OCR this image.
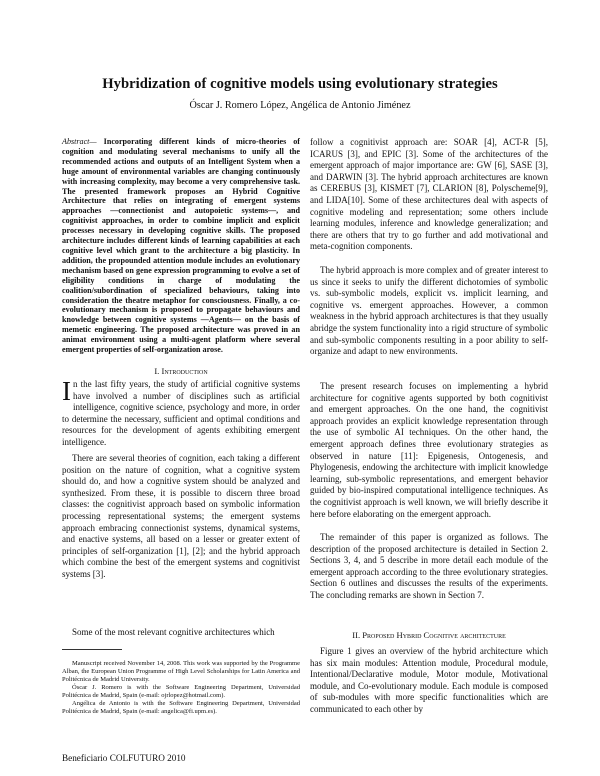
Hybridization of cognitive models using evolutionary strategies
Óscar J. Romero López, Angélica de Antonio Jiménez
Abstract— Incorporating different kinds of micro-theories of cognition and modulating several mechanisms to unify all the recommended actions and outputs of an Intelligent System when a huge amount of environmental variables are changing continuously with increasing complexity, may become a very comprehensive task. The presented framework proposes an Hybrid Cognitive Architecture that relies on integrating of emergent systems approaches —connectionist and autopoietic systems—, and cognitivist approaches, in order to combine implicit and explicit processes necessary in developing cognitive skills. The proposed architecture includes different kinds of learning capabilities at each cognitive level which grant to the architecture a big plasticity. In addition, the propounded attention module includes an evolutionary mechanism based on gene expression programming to evolve a set of eligibility conditions in charge of modulating the coalition/subordination of specialized behaviours, taking into consideration the theatre metaphor for consciousness. Finally, a co-evolutionary mechanism is proposed to propagate behaviours and knowledge between cognitive systems —Agents— on the basis of memetic engineering. The proposed architecture was proved in an animat environment using a multi-agent platform where several emergent properties of self-organization arose.
I. Introduction
In the last fifty years, the study of artificial cognitive systems have involved a number of disciplines such as artificial intelligence, cognitive science, psychology and more, in order to determine the necessary, sufficient and optimal conditions and resources for the development of agents exhibiting emergent intelligence.
There are several theories of cognition, each taking a different position on the nature of cognition, what a cognitive system should do, and how a cognitive system should be analyzed and synthesized. From these, it is possible to discern three broad classes: the cognitivist approach based on symbolic information processing representational systems; the emergent systems approach embracing connectionist systems, dynamical systems, and enactive systems, all based on a lesser or greater extent of principles of self-organization [1], [2]; and the hybrid approach which combine the best of the emergent systems and cognitivist systems [3].
Some of the most relevant cognitive architectures which
Manuscript received November 14, 2008. This work was supported by the Programme Alban, the European Union Programme of High Level Scholarships for Latin America and Politécnica de Madrid University.
Óscar J. Romero is with the Software Engineering Department, Universidad Politécnica de Madrid, Spain (e-mail: ojrlopez@hotmail.com).
Angélica de Antonio is with the Software Engineering Department, Universidad Politécnica de Madrid, Spain (e-mail: angelica@fi.upm.es).
Beneficiario COLFUTURO 2010
follow a cognitivist approach are: SOAR [4], ACT-R [5], ICARUS [3], and EPIC [3]. Some of the architectures of the emergent approach of major importance are: GW [6], SASE [3], and DARWIN [3]. The hybrid approach architectures are known as CEREBUS [3], KISMET [7], CLARION [8], Polyscheme[9], and LIDA[10]. Some of these architectures deal with aspects of cognitive modeling and representation; some others include learning modules, inference and knowledge generalization; and there are others that try to go further and add motivational and meta-cognition components.
The hybrid approach is more complex and of greater interest to us since it seeks to unify the different dichotomies of symbolic vs. sub-symbolic models, explicit vs. implicit learning, and cognitive vs. emergent approaches. However, a common weakness in the hybrid approach architectures is that they usually abridge the system functionality into a rigid structure of symbolic and sub-symbolic components resulting in a poor ability to self-organize and adapt to new environments.
The present research focuses on implementing a hybrid architecture for cognitive agents supported by both cognitivist and emergent approaches. On the one hand, the cognitivist approach provides an explicit knowledge representation through the use of symbolic AI techniques. On the other hand, the emergent approach defines three evolutionary strategies as observed in nature [11]: Epigenesis, Ontogenesis, and Phylogenesis, endowing the architecture with implicit knowledge learning, sub-symbolic representations, and emergent behavior guided by bio-inspired computational intelligence techniques. As the cognitivist approach is well known, we will briefly describe it here before elaborating on the emergent approach.
The remainder of this paper is organized as follows. The description of the proposed architecture is detailed in Section 2. Sections 3, 4, and 5 describe in more detail each module of the emergent approach according to the three evolutionary strategies. Section 6 outlines and discusses the results of the experiments. The concluding remarks are shown in Section 7.
II. Proposed Hybrid Cognitive architecture
Figure 1 gives an overview of the hybrid architecture which has six main modules: Attention module, Procedural module, Intentional/Declarative module, Motor module, Motivational module, and Co-evolutionary module. Each module is composed of sub-modules with more specific functionalities which are communicated to each other by
